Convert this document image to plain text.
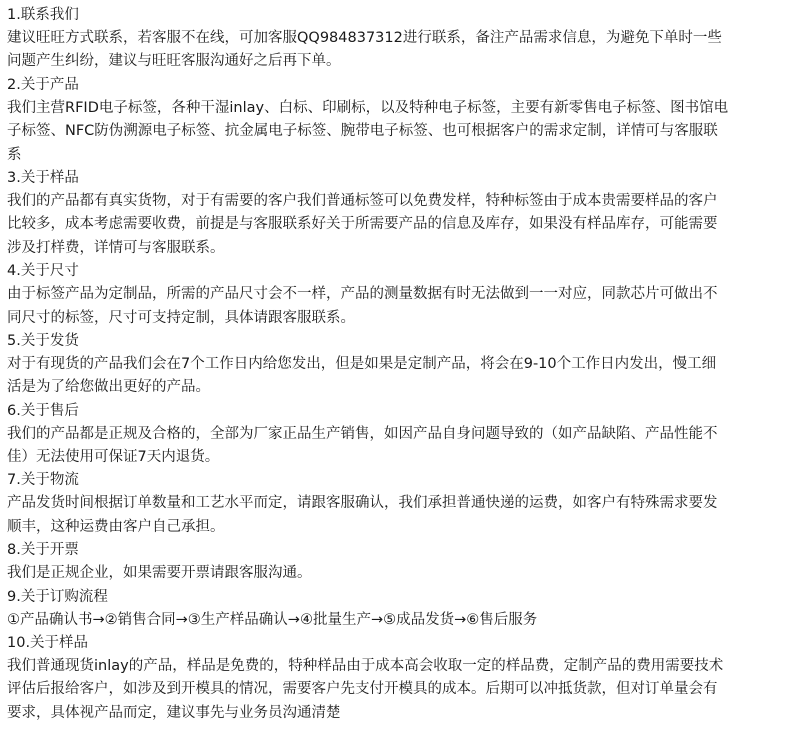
1.联系我们
建议旺旺方式联系，若客服不在线，可加客服QQ984837312进行联系，备注产品需求信息，为避免下单时一些
问题产生纠纷，建议与旺旺客服沟通好之后再下单。
2.关于产品
我们主营RFID电子标签，各种干湿inlay、白标、印刷标，以及特种电子标签，主要有新零售电子标签、图书馆电
子标签、NFC防伪溯源电子标签、抗金属电子标签、腕带电子标签、也可根据客户的需求定制，详情可与客服联
系
3.关于样品
我们的产品都有真实货物，对于有需要的客户我们普通标签可以免费发样，特种标签由于成本贵需要样品的客户
比较多，成本考虑需要收费，前提是与客服联系好关于所需要产品的信息及库存，如果没有样品库存，可能需要
涉及打样费，详情可与客服联系。
4.关于尺寸
由于标签产品为定制品，所需的产品尺寸会不一样，产品的测量数据有时无法做到一一对应，同款芯片可做出不
同尺寸的标签，尺寸可支持定制，具体请跟客服联系。
5.关于发货
对于有现货的产品我们会在7个工作日内给您发出，但是如果是定制产品，将会在9-10个工作日内发出，慢工细
活是为了给您做出更好的产品。
6.关于售后
我们的产品都是正规及合格的，全部为厂家正品生产销售，如因产品自身问题导致的（如产品缺陷、产品性能不
佳）无法使用可保证7天内退货。
7.关于物流
产品发货时间根据订单数量和工艺水平而定，请跟客服确认，我们承担普通快递的运费，如客户有特殊需求要发
顺丰，这种运费由客户自己承担。
8.关于开票
我们是正规企业，如果需要开票请跟客服沟通。
9.关于订购流程
①产品确认书→②销售合同→③生产样品确认→④批量生产→⑤成品发货→⑥售后服务
10.关于样品
我们普通现货inlay的产品，样品是免费的，特种样品由于成本高会收取一定的样品费，定制产品的费用需要技术
评估后报给客户，如涉及到开模具的情况，需要客户先支付开模具的成本。后期可以冲抵货款，但对订单量会有
要求，具体视产品而定，建议事先与业务员沟通清楚
